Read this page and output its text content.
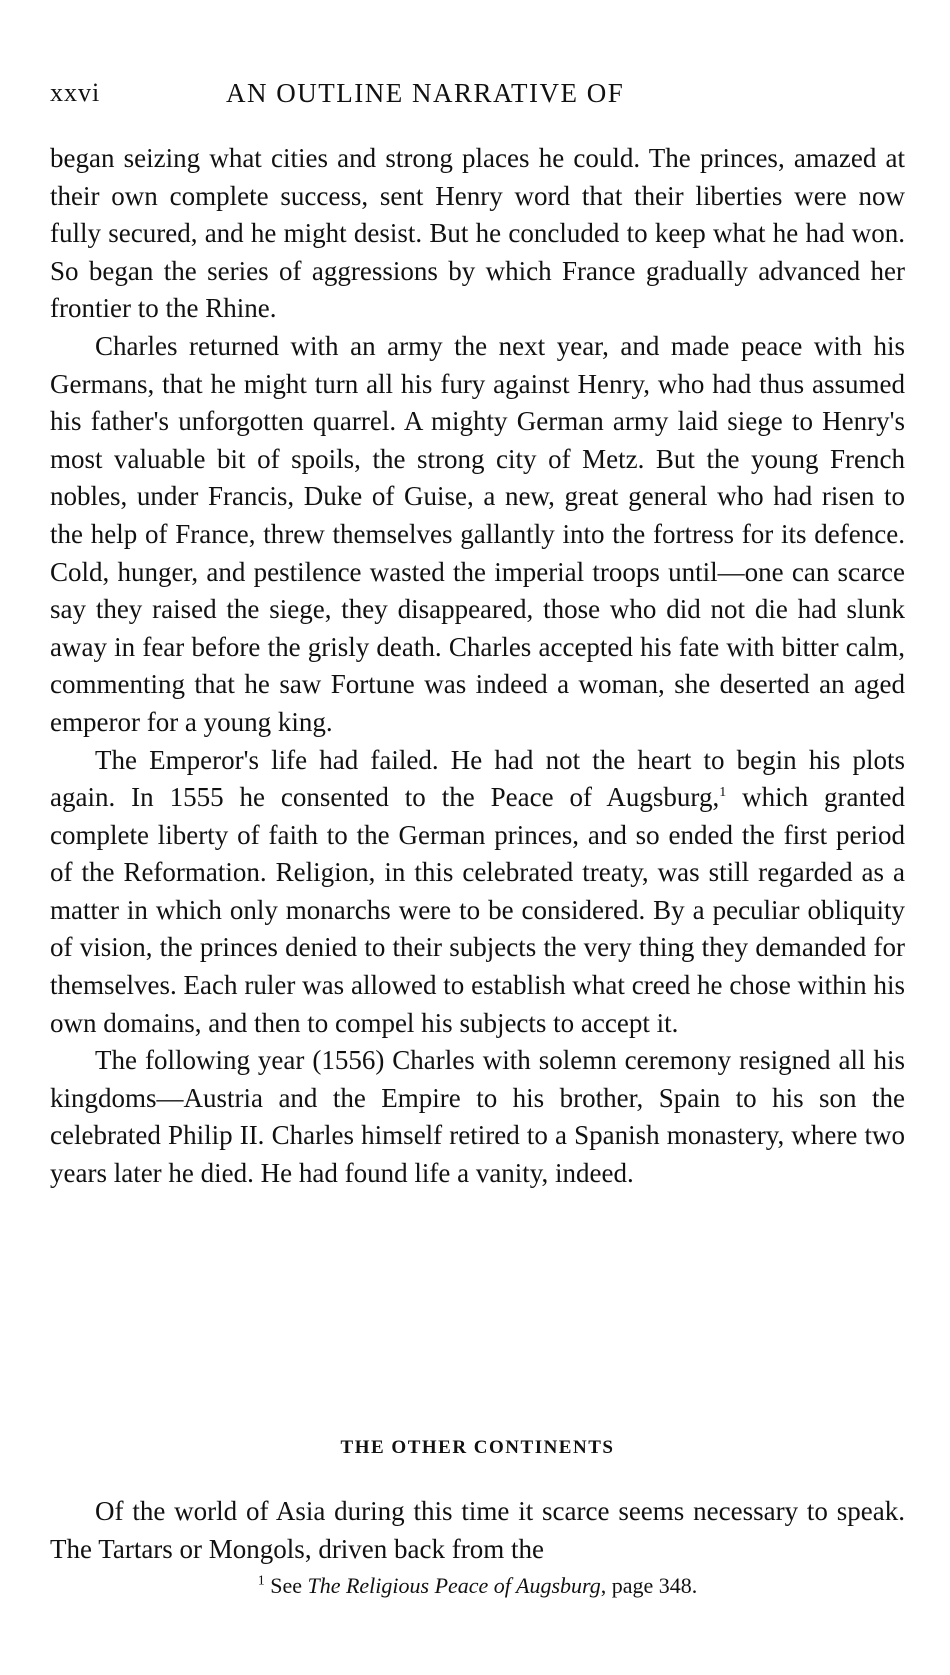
xxvi	AN OUTLINE NARRATIVE OF

began seizing what cities and strong places he could. The princes, amazed at their own complete success, sent Henry word that their liberties were now fully secured, and he might desist. But he concluded to keep what he had won. So began the series of aggressions by which France gradually advanced her frontier to the Rhine.

Charles returned with an army the next year, and made peace with his Germans, that he might turn all his fury against Henry, who had thus assumed his father's unforgotten quarrel. A mighty German army laid siege to Henry's most valuable bit of spoils, the strong city of Metz. But the young French nobles, under Francis, Duke of Guise, a new, great general who had risen to the help of France, threw themselves gallantly into the fortress for its defence. Cold, hunger, and pestilence wasted the imperial troops until—one can scarce say they raised the siege, they disappeared, those who did not die had slunk away in fear before the grisly death. Charles accepted his fate with bitter calm, commenting that he saw Fortune was indeed a woman, she deserted an aged emperor for a young king.

The Emperor's life had failed. He had not the heart to begin his plots again. In 1555 he consented to the Peace of Augsburg,$^1$ which granted complete liberty of faith to the German princes, and so ended the first period of the Reformation. Religion, in this celebrated treaty, was still regarded as a matter in which only monarchs were to be considered. By a peculiar obliquity of vision, the princes denied to their subjects the very thing they demanded for themselves. Each ruler was allowed to establish what creed he chose within his own domains, and then to compel his subjects to accept it.

The following year (1556) Charles with solemn ceremony resigned all his kingdoms—Austria and the Empire to his brother, Spain to his son the celebrated Philip II. Charles himself retired to a Spanish monastery, where two years later he died. He had found life a vanity, indeed.

THE OTHER CONTINENTS

Of the world of Asia during this time it scarce seems necessary to speak. The Tartars or Mongols, driven back from the

$^1$ See The Religious Peace of Augsburg, page 348.
